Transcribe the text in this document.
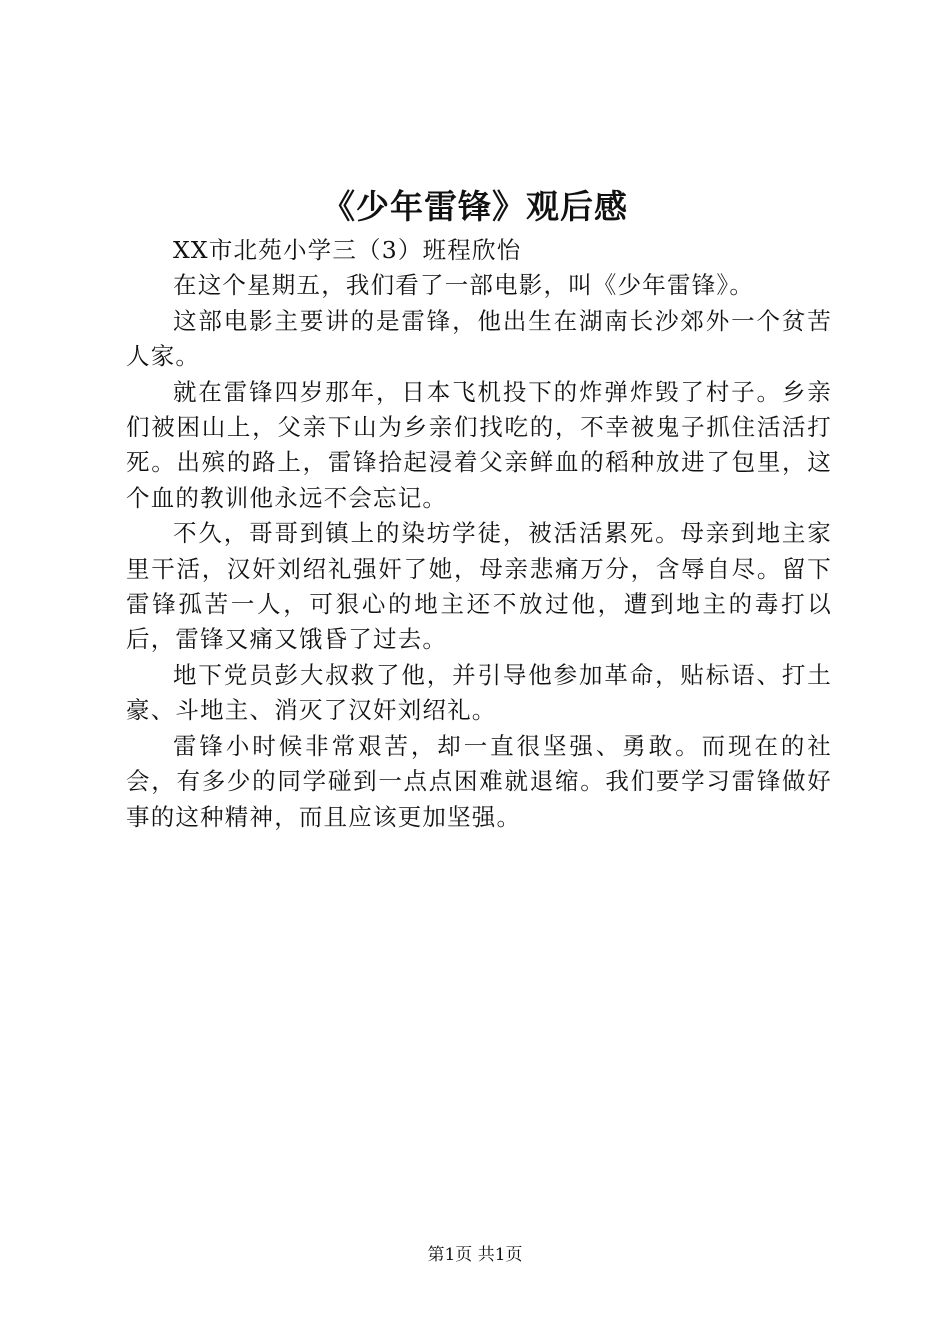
《少年雷锋》观后感

XX市北苑小学三（3）班程欣怡

在这个星期五，我们看了一部电影，叫《少年雷锋》。

这部电影主要讲的是雷锋，他出生在湖南长沙郊外一个贫苦人家。

就在雷锋四岁那年，日本飞机投下的炸弹炸毁了村子。乡亲们被困山上，父亲下山为乡亲们找吃的，不幸被鬼子抓住活活打死。出殡的路上，雷锋拾起浸着父亲鲜血的稻种放进了包里，这个血的教训他永远不会忘记。

不久，哥哥到镇上的染坊学徒，被活活累死。母亲到地主家里干活，汉奸刘绍礼强奸了她，母亲悲痛万分，含辱自尽。留下雷锋孤苦一人，可狠心的地主还不放过他，遭到地主的毒打以后，雷锋又痛又饿昏了过去。

地下党员彭大叔救了他，并引导他参加革命，贴标语、打土豪、斗地主、消灭了汉奸刘绍礼。

雷锋小时候非常艰苦，却一直很坚强、勇敢。而现在的社会，有多少的同学碰到一点点困难就退缩。我们要学习雷锋做好事的这种精神，而且应该更加坚强。

第1页 共1页
